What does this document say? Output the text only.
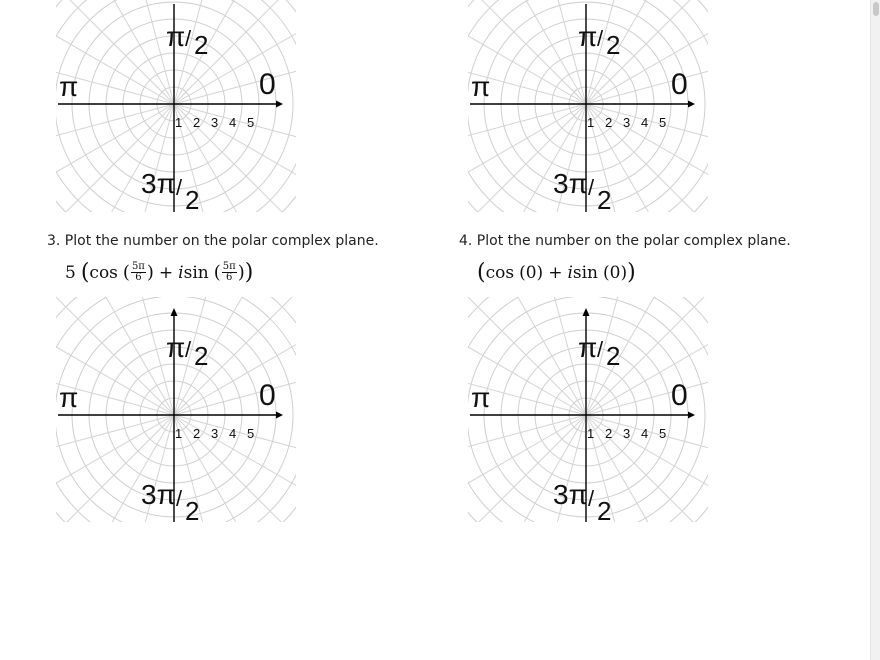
1 2 3 4 5
π / 2
π	0
3π / 2
1 2 3 4 5
π / 2
π	0
3π / 2
3. Plot the number on the polar complex plane.
5 ( cos ( $\frac{5\pi}{6}$ ) + i sin ( $\frac{5\pi}{6}$ ) )
1 2 3 4 5
π / 2
π	0
3π / 2
4. Plot the number on the polar complex plane.
( cos ( 0 ) + i sin ( 0 ) )
1 2 3 4 5
π / 2
π	0
3π / 2
